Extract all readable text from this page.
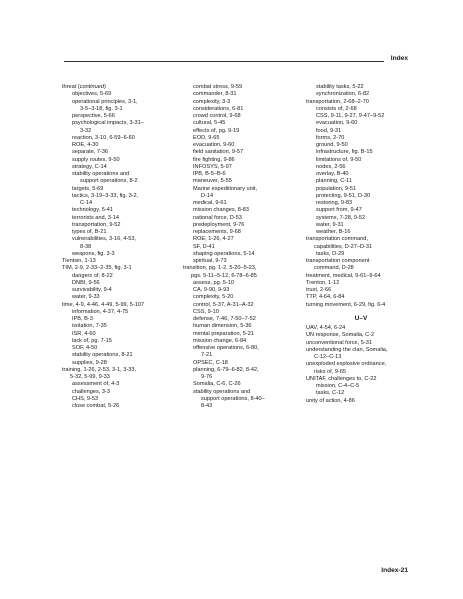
Index

threat (continued)

objectives, 5-69

operational principles, 3-1,

3-5–3-18, fig. 3-1

perspective, 5-66

psychological impacts, 3-31–

3-32

reaction, 3-10, 6-59–6-60

ROE, 4-30

separate, 7-36

supply routes, 9-50

strategy, C-14

stability operations and

support operations, 8-2

targets, 5-69

tactics, 3-19–3-33, fig. 3-2,

C-14

technology, 5-41

terrorists and, 3-14

transportation, 9-52

types of, B-21

vulnerabilities, 3-16, 4-53,

8-38

weapons, fig. 3-3

Tientsin, 1-13

TIM, 2-9, 2-33–2-35, fig. 3-1

dangers of, 8-22

DNBI, 9-56

survivability, 9-4

water, 9-33

time, 4-9, 4-46, 4-49, 5-99, 5-107

information, 4-37, 4-75

IPB, B-3

isolation, 7-35

ISR, 4-60

lack of, pg. 7-15

SOF, 4-50

stability operations, 8-21

supplies, 9-28

training, 1-26, 2-53, 3-1, 3-33,

5-32, 5-99, 9-33

assessment of, 4-3

challenges, 3-3

CHS, 9-53

close combat, 5-26

combat stress, 9-59

commander, 8-31

complexity, 3-3

considerations, 6-81

crowd control, 9-68

cultural, 5-45

effects of, pg. 9-19

EOD, 9-65

evacuation, 9-60

field sanitation, 9-57

fire fighting, 9-86

INFOSYS, 5-97

IPB, B-5–B-6

maneuver, 5-55

Marine expeditionary unit,

D-14

medical, 9-61

mission changes, 8-83

national force, D-53

predeployment, 9-76

replacements, 9-68

ROE, 1-26, 4-27

SF, D-41

shaping operations, 5-14

spiritual, 9-73

transition, pg. 1-2, 5-20–5-23,

pgs. 5-11–5-12, 6-78–6-85

assess, pg. 5-10

CA, 9-90, 9-93

complexity, 5-20

control, 5-37, A-31–A-32

CSS, 9-10

defense, 7-46, 7-50–7-52

human dimension, 5-36

mental preparation, 5-21

mission change, 6-84

offensive operations, 6-80,

7-21

OPSEC, C-18

planning, 6-79–6-82, 8-42,

9-76

Somalia, C-6, C-26

stability operations and

support operations, 8-40–

8-43

stability tasks, 5-22

synchronization, 6-82

transportation, 2-68–2-70

consists of, 2-68

CSS, 9-11, 9-27, 9-47–9-52

evacuation, 9-60

food, 9-31

forms, 2-70

ground, 9-50

infrastructure, fig. B-15

limitations of, 9-50

nodes, 2-56

overlay, B-40

planning, C-11

population, 9-51

protecting, 9-51, D-30

restoring, 9-83

support from, 9-47

systems, 7-28, 9-52

water, 9-31

weather, B-16

transportation command,

capabilities, D-27–D-31

tasks, D-29

transportation component

command, D-28

treatment, medical, 9-61–9-64

Trenton, 1-12

trust, 2-66

TTP, 4-64, 6-84

turning movement, 6-29, fig. 6-4

U–V

UAV, 4-54, 6-24

UN response, Somalia, C-2

unconventional force, 5-31

understanding the clan, Somalia,

C-12–C-13

unexploded explosive ordnance,

risks of, 9-65

UNITAF, challenges to, C-22

mission, C-4–C-5

tasks, C-12

unity of action, 4-86

Index-21
